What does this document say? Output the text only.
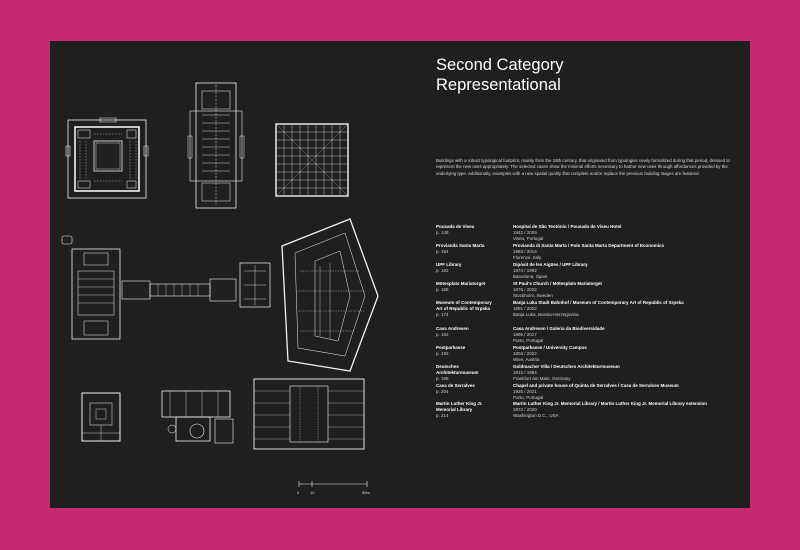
0	10	50m
Second Category
Representational
Buildings with a robust typological footprint, mainly from the 19th century, that originated from typologies newly formalized during that period, dressed to represent the new uses appropriately. The selected cases show the minimal efforts necessary to harbor new uses through affordances provided by the underlying type. Additionally, examples with a new spatial quality that complete and/or replace the previous building stages are featured.
Pousada de Viseu
p. 148
Hospital de São Teotónio / Pousada de Viseu Hotel
1842 / 2009
Viseu, Portugal
Provianda Santa Marta
p. 154
Provianda di Santa Marta / Polo Santa Marta Department of Economics
1883 / 2014
Florence, Italy
UPF Library
p. 162
Dipòsit de les Aigües / UPF Library
1874 / 1992
Barcelona, Spain
Mötesplats Mariatorget
p. 168
St Paul's Church / Mötesplats Mariatorget
1876 / 2022
Stockholm, Sweden
Museum of Contemporary
Art of Republic of Srpska
p. 174
Banja Luka Stadt Bahnhof / Museum of Contemporary Art of Republic of Srpska
1891 / 2022
Banja Luka, Bosnia-Herzegovina
Casa Andresen
p. 182
Casa Andresen / Galeria da Biodiversidade
1895 / 2017
Porto, Portugal
Postparkasse
p. 192
Postparkasse / University Campus
1904 / 2022
Wien, Austria
Deutsches
Architekturmuseum
p. 198
Goldmacher Villa / Deutsches Architekturmuseum
1912 / 1984
Frankfurt am Main, Germany
Casa de Serralves
p. 204
Chapel and private house of Quinta de Serralves / Casa de Serralves Museum
1925 / 2021
Porto, Portugal
Martin Luther King Jr.
Memorial Library
p. 214
Martin Luther King Jr. Memorial Library / Martin Luther King Jr. Memorial Library extension
1972 / 2020
Washington D.C., USA
